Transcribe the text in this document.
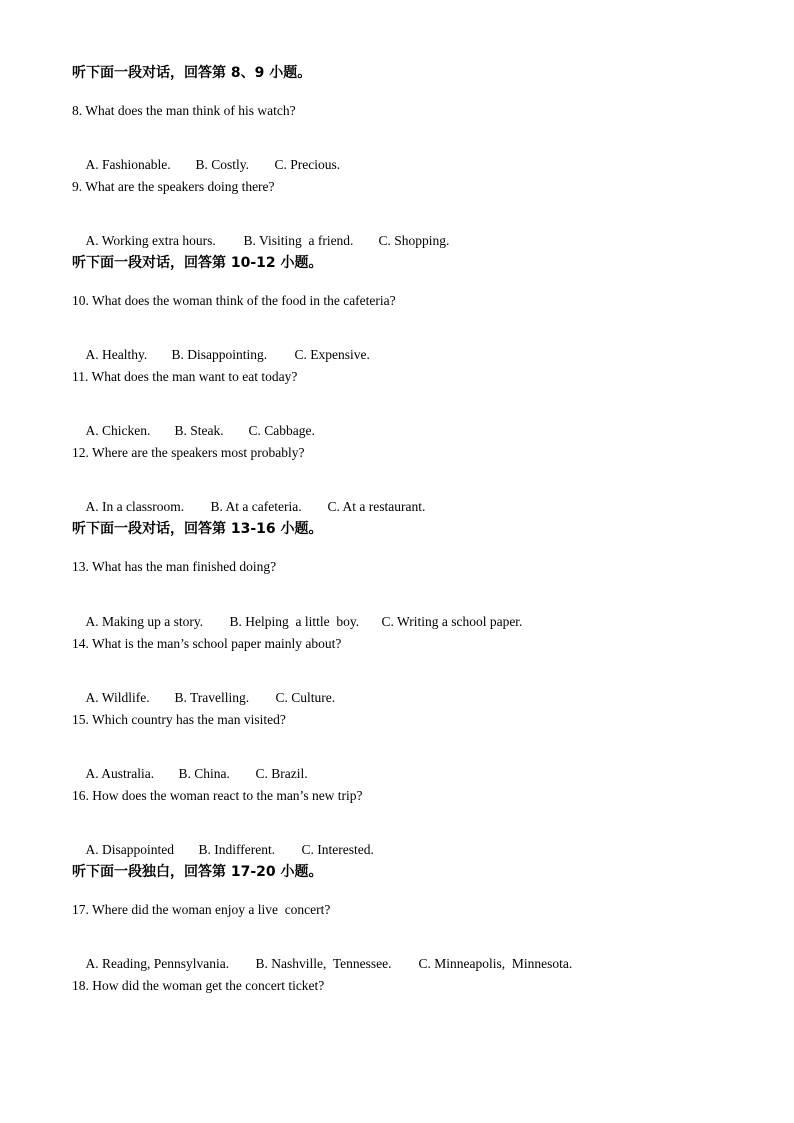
听下面一段对话，回答第 8、9 小题。
8. What does the man think of his watch?

A. Fashionable. B. Costly. C. Precious.

9. What are the speakers doing there?

A. Working extra hours. B. Visiting  a friend. C. Shopping.

听下面一段对话，回答第 10-12 小题。
10. What does the woman think of the food in the cafeteria?

A. Healthy. B. Disappointing. C. Expensive.

11. What does the man want to eat today?

A. Chicken. B. Steak. C. Cabbage.

12. Where are the speakers most probably?

A. In a classroom. B. At a cafeteria. C. At a restaurant.

听下面一段对话，回答第 13-16 小题。
13. What has the man finished doing?

A. Making up a story. B. Helping  a little  boy. C. Writing a school paper.

14. What is the man’s school paper mainly about?

A. Wildlife. B. Travelling. C. Culture.

15. Which country has the man visited?

A. Australia. B. China. C. Brazil.

16. How does the woman react to the man’s new trip?

A. Disappointed B. Indifferent. C. Interested.

听下面一段独白，回答第 17-20 小题。
17. Where did the woman enjoy a live  concert?

A. Reading, Pennsylvania. B. Nashville,  Tennessee. C. Minneapolis,  Minnesota.

18. How did the woman get the concert ticket?
